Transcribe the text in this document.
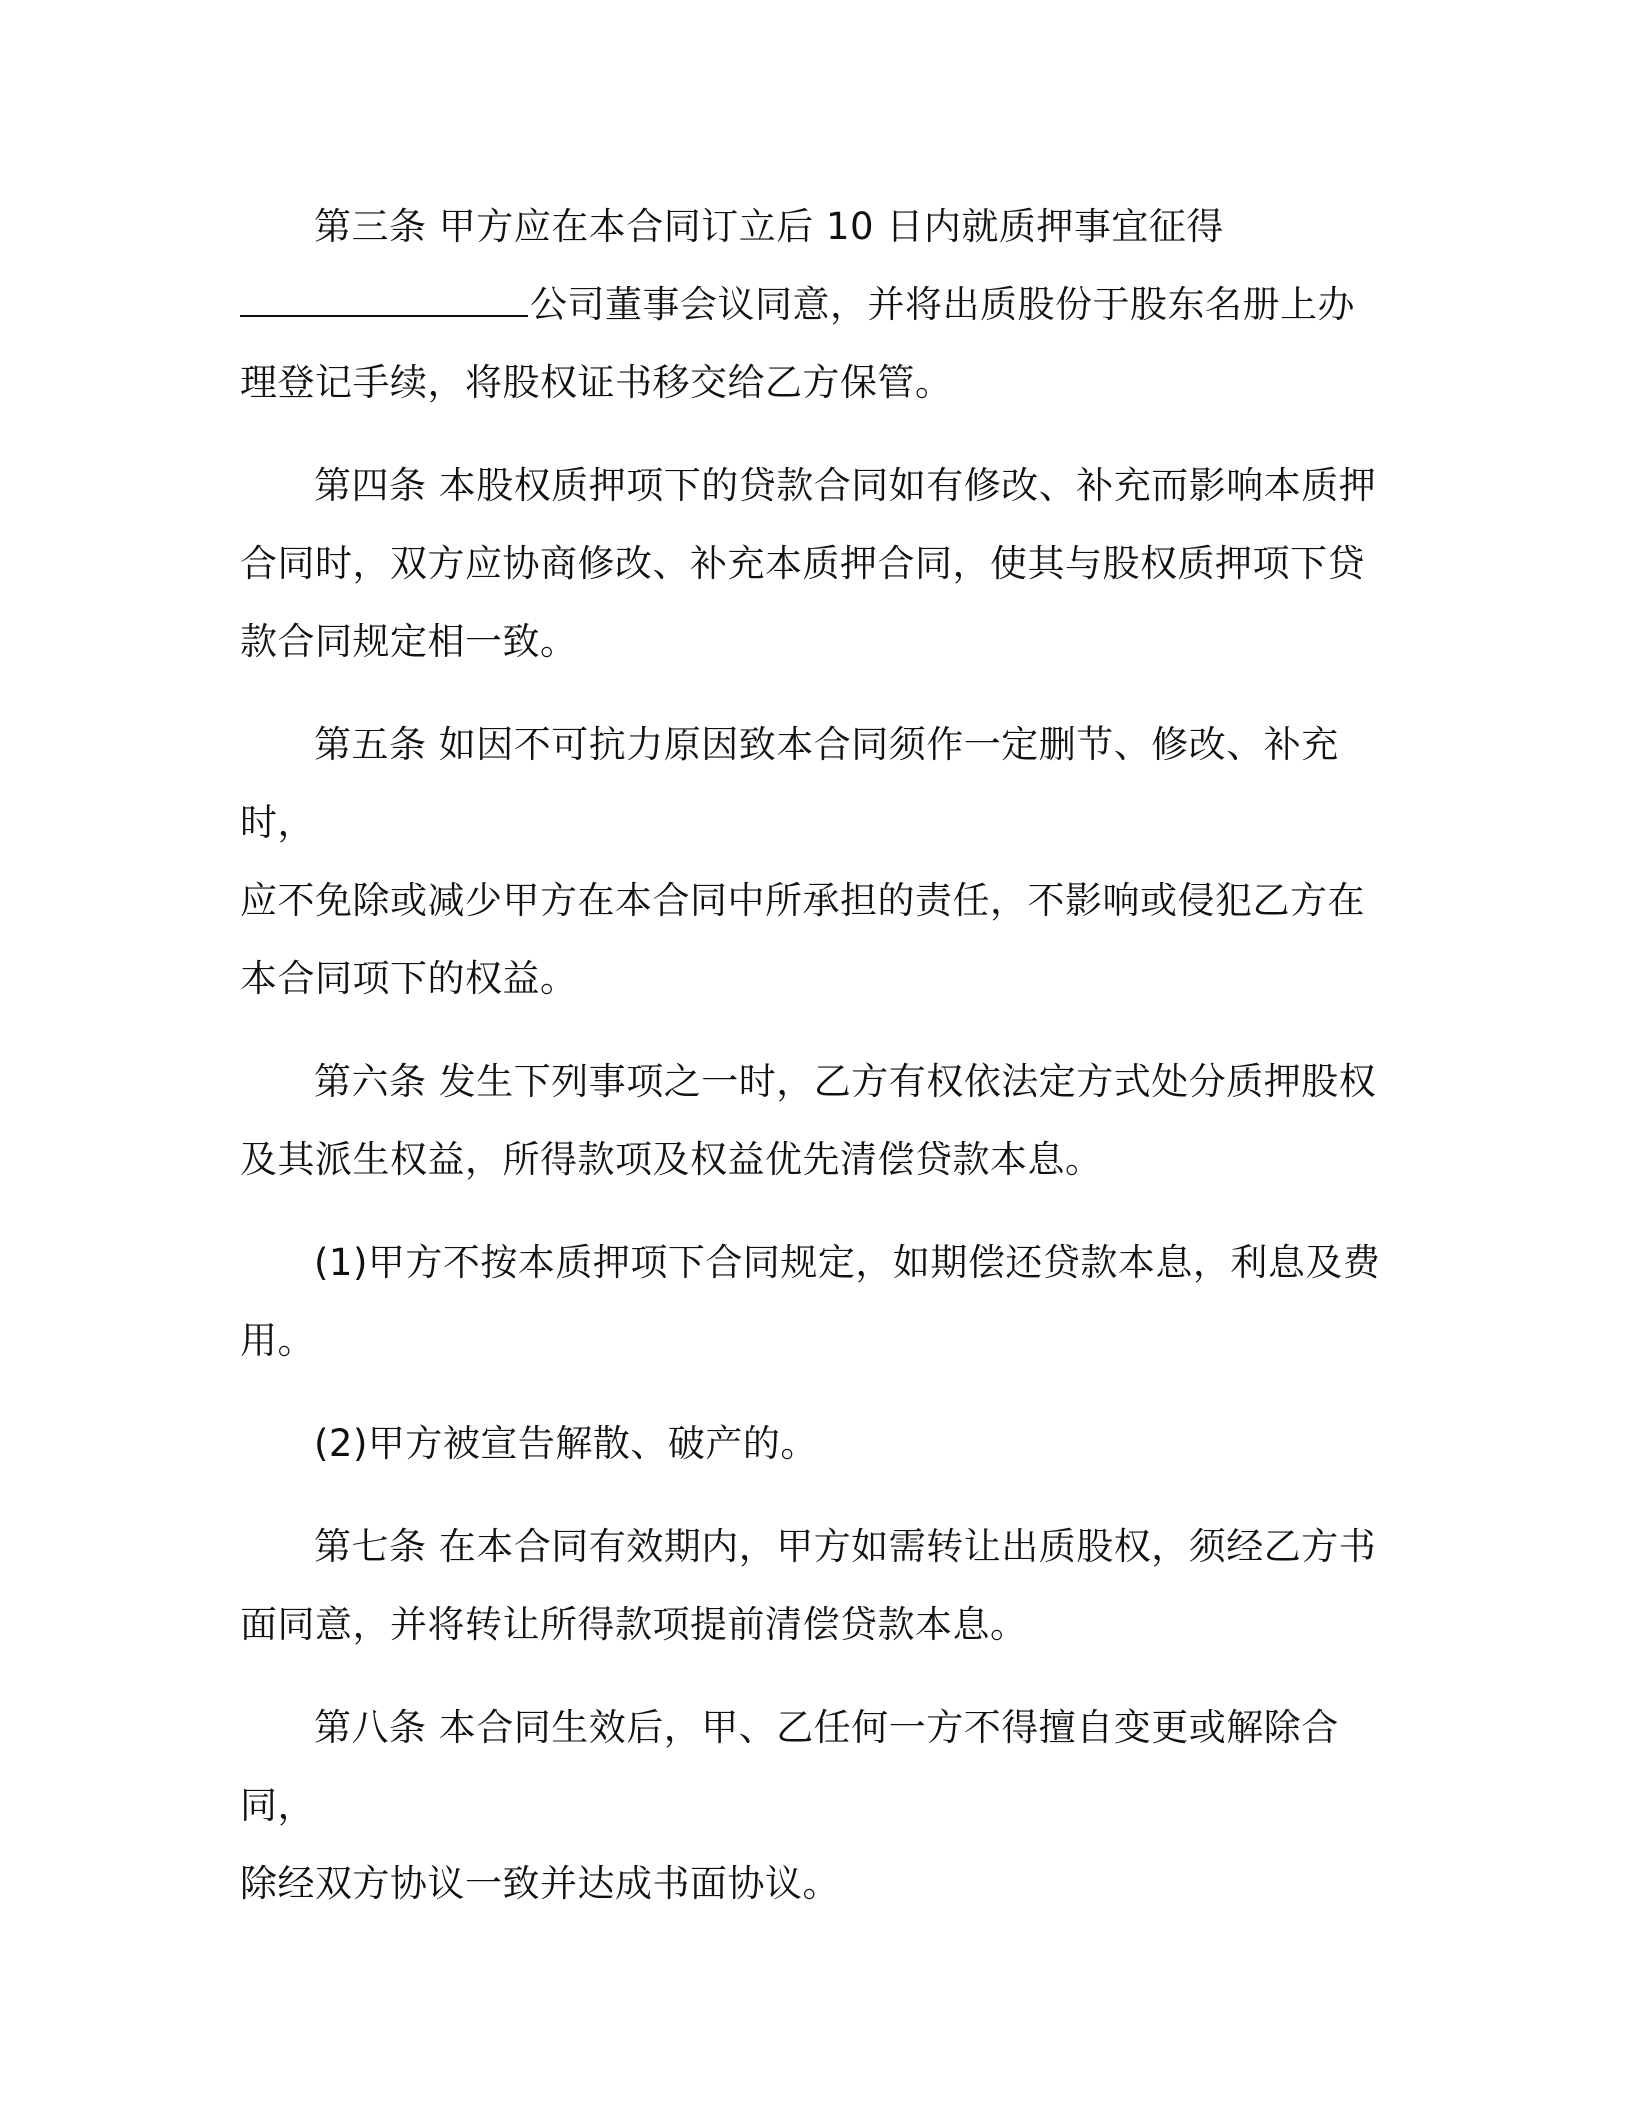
第三条 甲方应在本合同订立后 10 日内就质押事宜征得
公司董事会议同意，并将出质股份于股东名册上办
理登记手续，将股权证书移交给乙方保管。

第四条 本股权质押项下的贷款合同如有修改、补充而影响本质押
合同时，双方应协商修改、补充本质押合同，使其与股权质押项下贷
款合同规定相一致。

第五条 如因不可抗力原因致本合同须作一定删节、修改、补充时，
应不免除或减少甲方在本合同中所承担的责任，不影响或侵犯乙方在
本合同项下的权益。

第六条 发生下列事项之一时，乙方有权依法定方式处分质押股权
及其派生权益，所得款项及权益优先清偿贷款本息。

(1)甲方不按本质押项下合同规定，如期偿还贷款本息，利息及费
用。

(2)甲方被宣告解散、破产的。

第七条 在本合同有效期内，甲方如需转让出质股权，须经乙方书
面同意，并将转让所得款项提前清偿贷款本息。

第八条 本合同生效后，甲、乙任何一方不得擅自变更或解除合同，
除经双方协议一致并达成书面协议。
